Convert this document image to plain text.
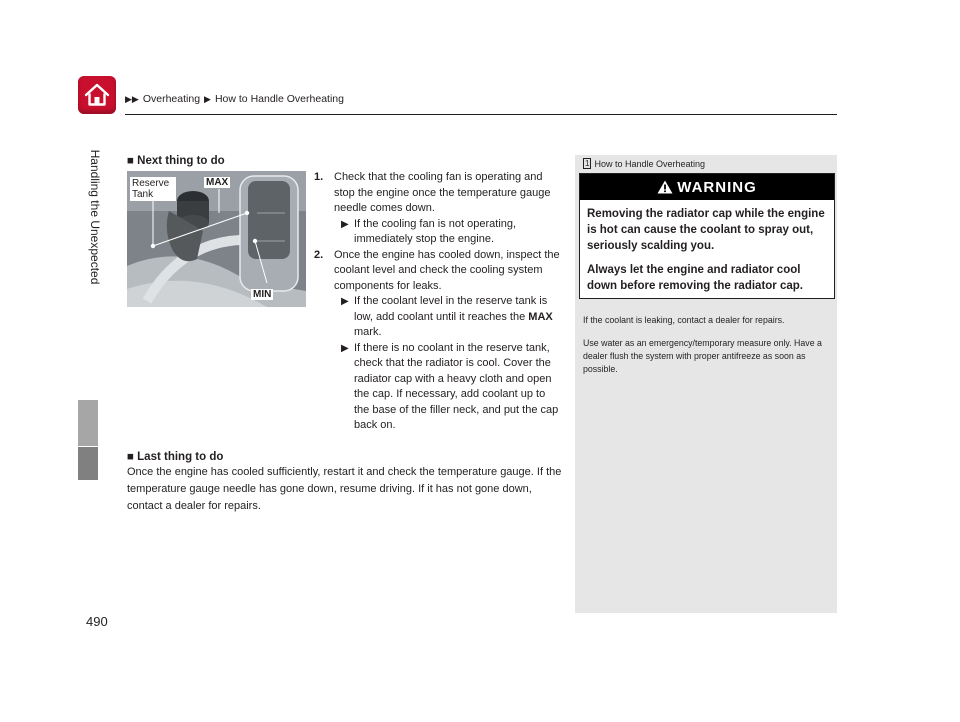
▶▶ Overheating ▶ How to Handle Overheating
Handling the Unexpected
490
■ Next thing to do
Reserve Tank
MAX
MIN
1. Check that the cooling fan is operating and stop the engine once the temperature gauge needle comes down.
▶ If the cooling fan is not operating, immediately stop the engine.
2. Once the engine has cooled down, inspect the coolant level and check the cooling system components for leaks.
▶ If the coolant level in the reserve tank is low, add coolant until it reaches the MAX mark.
▶ If there is no coolant in the reserve tank, check that the radiator is cool. Cover the radiator cap with a heavy cloth and open the cap. If necessary, add coolant up to the base of the filler neck, and put the cap back on.
■ Last thing to do
Once the engine has cooled sufficiently, restart it and check the temperature gauge. If the temperature gauge needle has gone down, resume driving. If it has not gone down, contact a dealer for repairs.
1 How to Handle Overheating
WARNING

Removing the radiator cap while the engine is hot can cause the coolant to spray out, seriously scalding you.

Always let the engine and radiator cool down before removing the radiator cap.

If the coolant is leaking, contact a dealer for repairs.
Use water as an emergency/temporary measure only. Have a dealer flush the system with proper antifreeze as soon as possible.
